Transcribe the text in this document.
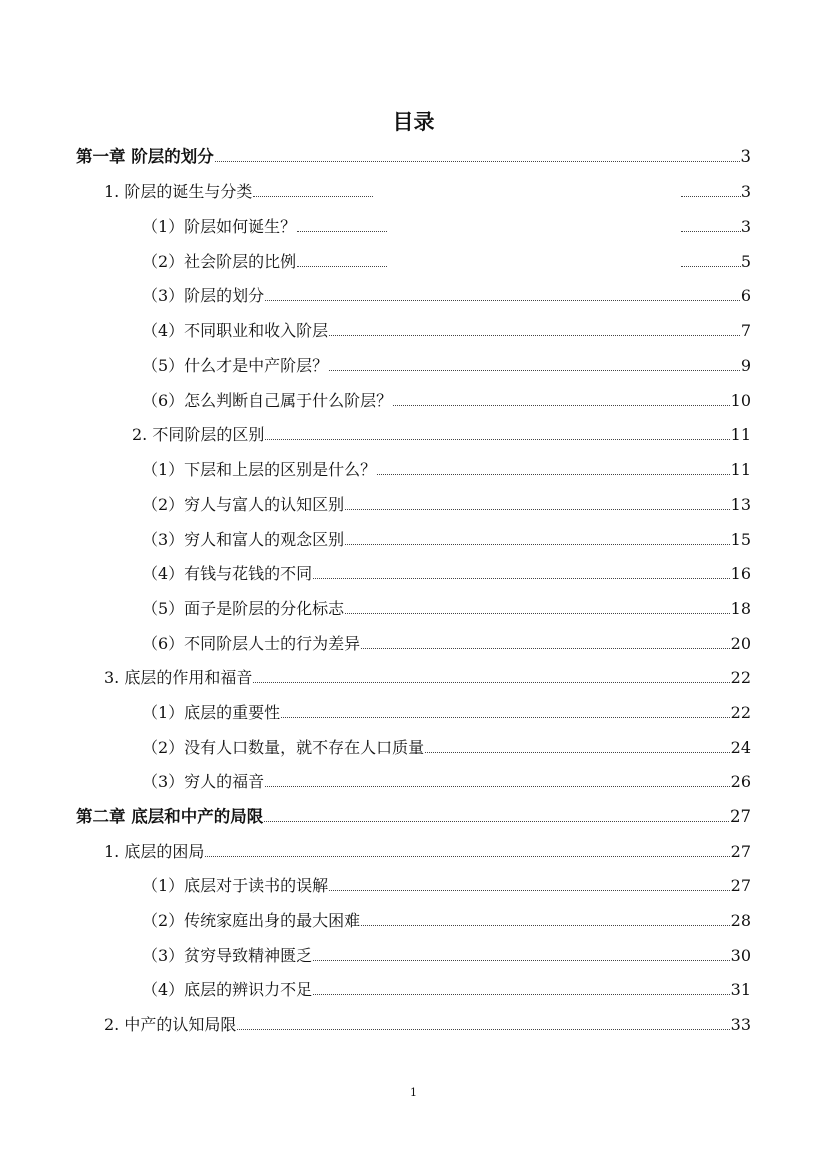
目录
第一章 阶层的划分	3
1. 阶层的诞生与分类	3
（1）阶层如何诞生？	3
（2）社会阶层的比例	5
（3）阶层的划分	6
（4）不同职业和收入阶层	7
（5）什么才是中产阶层？	9
（6）怎么判断自己属于什么阶层？	10
2. 不同阶层的区别	11
（1）下层和上层的区别是什么？	11
（2）穷人与富人的认知区别	13
（3）穷人和富人的观念区别	15
（4）有钱与花钱的不同	16
（5）面子是阶层的分化标志	18
（6）不同阶层人士的行为差异	20
3. 底层的作用和福音	22
（1）底层的重要性	22
（2）没有人口数量，就不存在人口质量	24
（3）穷人的福音	26
第二章 底层和中产的局限	27
1. 底层的困局	27
（1）底层对于读书的误解	27
（2）传统家庭出身的最大困难	28
（3）贫穷导致精神匮乏	30
（4）底层的辨识力不足	31
2. 中产的认知局限	33
1
